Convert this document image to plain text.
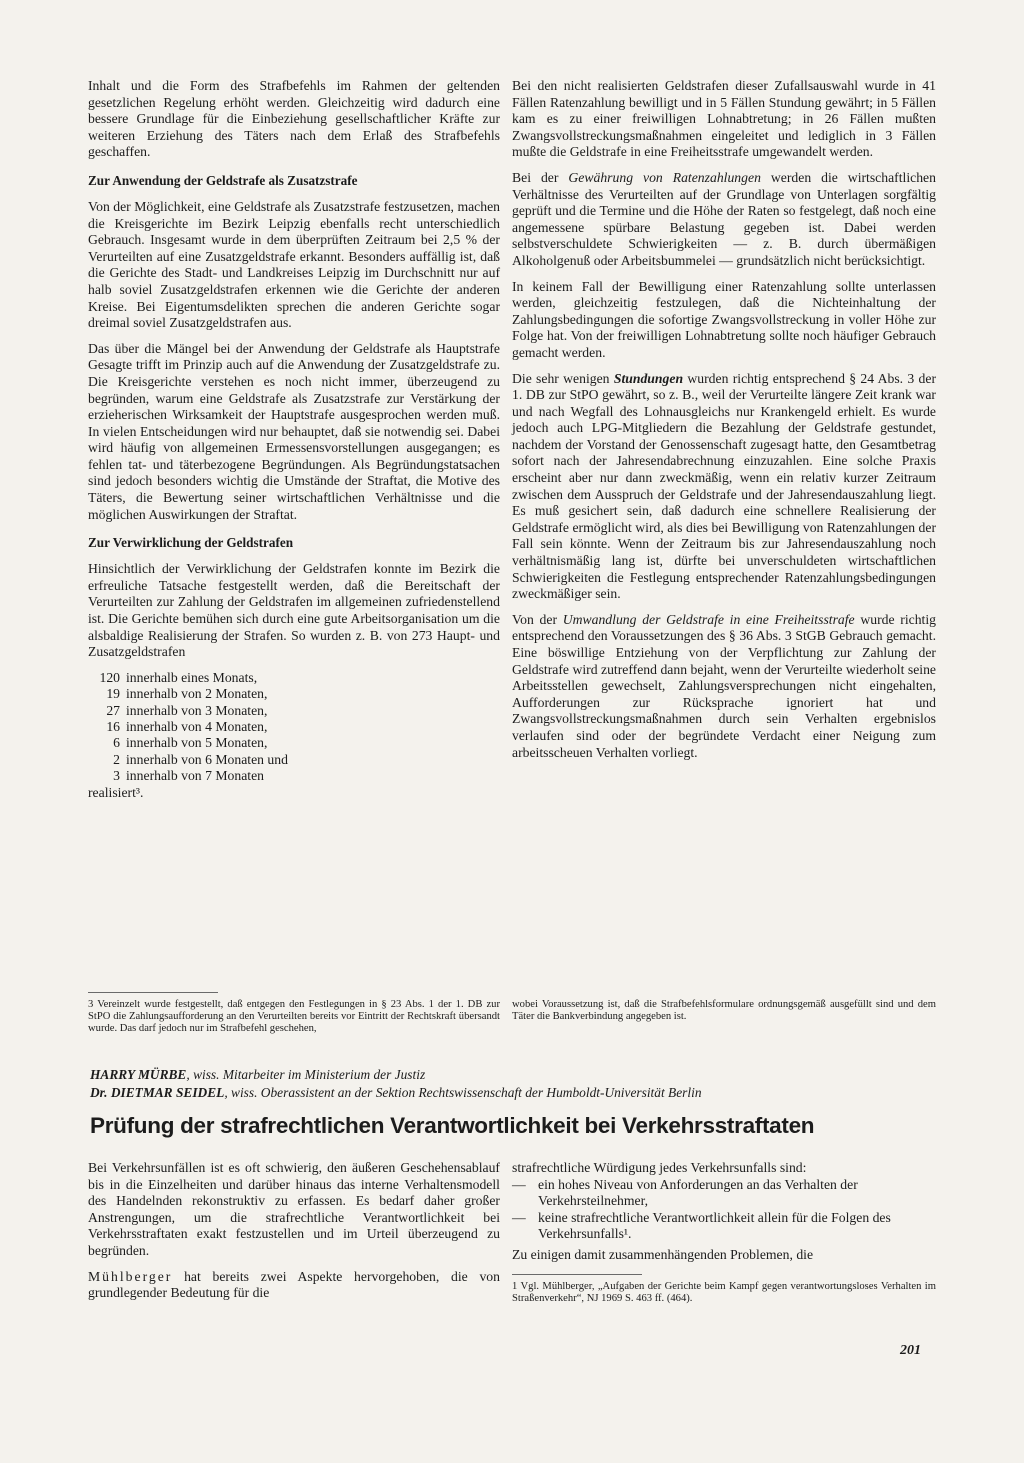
Inhalt und die Form des Strafbefehls im Rahmen der geltenden gesetzlichen Regelung erhöht werden. Gleichzeitig wird dadurch eine bessere Grundlage für die Einbeziehung gesellschaftlicher Kräfte zur weiteren Erziehung des Täters nach dem Erlaß des Strafbefehls geschaffen.

Zur Anwendung der Geldstrafe als Zusatzstrafe

Von der Möglichkeit, eine Geldstrafe als Zusatzstrafe festzusetzen, machen die Kreisgerichte im Bezirk Leipzig ebenfalls recht unterschiedlich Gebrauch. Insgesamt wurde in dem überprüften Zeitraum bei 2,5 % der Verurteilten auf eine Zusatzgeldstrafe erkannt. Besonders auffällig ist, daß die Gerichte des Stadt- und Landkreises Leipzig im Durchschnitt nur auf halb soviel Zusatzgeldstrafen erkennen wie die Gerichte der anderen Kreise. Bei Eigentumsdelikten sprechen die anderen Gerichte sogar dreimal soviel Zusatzgeldstrafen aus.

Das über die Mängel bei der Anwendung der Geldstrafe als Hauptstrafe Gesagte trifft im Prinzip auch auf die Anwendung der Zusatzgeldstrafe zu. Die Kreisgerichte verstehen es noch nicht immer, überzeugend zu begründen, warum eine Geldstrafe als Zusatzstrafe zur Verstärkung der erzieherischen Wirksamkeit der Hauptstrafe ausgesprochen werden muß. In vielen Entscheidungen wird nur behauptet, daß sie notwendig sei. Dabei wird häufig von allgemeinen Ermessensvorstellungen ausgegangen; es fehlen tat- und täterbezogene Begründungen. Als Begründungstatsachen sind jedoch besonders wichtig die Umstände der Straftat, die Motive des Täters, die Bewertung seiner wirtschaftlichen Verhältnisse und die möglichen Auswirkungen der Straftat.

Zur Verwirklichung der Geldstrafen

Hinsichtlich der Verwirklichung der Geldstrafen konnte im Bezirk die erfreuliche Tatsache festgestellt werden, daß die Bereitschaft der Verurteilten zur Zahlung der Geldstrafen im allgemeinen zufriedenstellend ist. Die Gerichte bemühen sich durch eine gute Arbeitsorganisation um die alsbaldige Realisierung der Strafen. So wurden z. B. von 273 Haupt- und Zusatzgeldstrafen

120 innerhalb eines Monats,
19 innerhalb von 2 Monaten,
27 innerhalb von 3 Monaten,
16 innerhalb von 4 Monaten,
6 innerhalb von 5 Monaten,
2 innerhalb von 6 Monaten und
3 innerhalb von 7 Monaten

realisiert³.

Bei den nicht realisierten Geldstrafen dieser Zufallsauswahl wurde in 41 Fällen Ratenzahlung bewilligt und in 5 Fällen Stundung gewährt; in 5 Fällen kam es zu einer freiwilligen Lohnabtretung; in 26 Fällen mußten Zwangsvollstreckungsmaßnahmen eingeleitet und lediglich in 3 Fällen mußte die Geldstrafe in eine Freiheitsstrafe umgewandelt werden.

Bei der Gewährung von Ratenzahlungen werden die wirtschaftlichen Verhältnisse des Verurteilten auf der Grundlage von Unterlagen sorgfältig geprüft und die Termine und die Höhe der Raten so festgelegt, daß noch eine angemessene spürbare Belastung gegeben ist. Dabei werden selbstverschuldete Schwierigkeiten — z. B. durch übermäßigen Alkoholgenuß oder Arbeitsbummelei — grundsätzlich nicht berücksichtigt.

In keinem Fall der Bewilligung einer Ratenzahlung sollte unterlassen werden, gleichzeitig festzulegen, daß die Nichteinhaltung der Zahlungsbedingungen die sofortige Zwangsvollstreckung in voller Höhe zur Folge hat. Von der freiwilligen Lohnabtretung sollte noch häufiger Gebrauch gemacht werden.

Die sehr wenigen Stundungen wurden richtig entsprechend § 24 Abs. 3 der 1. DB zur StPO gewährt, so z. B., weil der Verurteilte längere Zeit krank war und nach Wegfall des Lohnausgleichs nur Krankengeld erhielt. Es wurde jedoch auch LPG-Mitgliedern die Bezahlung der Geldstrafe gestundet, nachdem der Vorstand der Genossenschaft zugesagt hatte, den Gesamtbetrag sofort nach der Jahresendabrechnung einzuzahlen. Eine solche Praxis erscheint aber nur dann zweckmäßig, wenn ein relativ kurzer Zeitraum zwischen dem Ausspruch der Geldstrafe und der Jahresendauszahlung liegt. Es muß gesichert sein, daß dadurch eine schnellere Realisierung der Geldstrafe ermöglicht wird, als dies bei Bewilligung von Ratenzahlungen der Fall sein könnte. Wenn der Zeitraum bis zur Jahresendauszahlung noch verhältnismäßig lang ist, dürfte bei unverschuldeten wirtschaftlichen Schwierigkeiten die Festlegung entsprechender Ratenzahlungsbedingungen zweckmäßiger sein.

Von der Umwandlung der Geldstrafe in eine Freiheitsstrafe wurde richtig entsprechend den Voraussetzungen des § 36 Abs. 3 StGB Gebrauch gemacht. Eine böswillige Entziehung von der Verpflichtung zur Zahlung der Geldstrafe wird zutreffend dann bejaht, wenn der Verurteilte wiederholt seine Arbeitsstellen gewechselt, Zahlungsversprechungen nicht eingehalten, Aufforderungen zur Rücksprache ignoriert hat und Zwangsvollstreckungsmaßnahmen durch sein Verhalten ergebnislos verlaufen sind oder der begründete Verdacht einer Neigung zum arbeitsscheuen Verhalten vorliegt.

3 Vereinzelt wurde festgestellt, daß entgegen den Festlegungen in § 23 Abs. 1 der 1. DB zur StPO die Zahlungsaufforderung an den Verurteilten bereits vor Eintritt der Rechtskraft übersandt wurde. Das darf jedoch nur im Strafbefehl geschehen,

wobei Voraussetzung ist, daß die Strafbefehlsformulare ordnungsgemäß ausgefüllt sind und dem Täter die Bankverbindung angegeben ist.

HARRY MÜRBE, wiss. Mitarbeiter im Ministerium der Justiz
Dr. DIETMAR SEIDEL, wiss. Oberassistent an der Sektion Rechtswissenschaft der Humboldt-Universität Berlin
Prüfung der strafrechtlichen Verantwortlichkeit bei Verkehrsstraftaten

Bei Verkehrsunfällen ist es oft schwierig, den äußeren Geschehensablauf bis in die Einzelheiten und darüber hinaus das interne Verhaltensmodell des Handelnden rekonstruktiv zu erfassen. Es bedarf daher großer Anstrengungen, um die strafrechtliche Verantwortlichkeit bei Verkehrsstraftaten exakt festzustellen und im Urteil überzeugend zu begründen.

Mühlberger hat bereits zwei Aspekte hervorgehoben, die von grundlegender Bedeutung für die

strafrechtliche Würdigung jedes Verkehrsunfalls sind:

— ein hohes Niveau von Anforderungen an das Verhalten der Verkehrsteilnehmer,
— keine strafrechtliche Verantwortlichkeit allein für die Folgen des Verkehrsunfalls¹.

Zu einigen damit zusammenhängenden Problemen, die

1 Vgl. Mühlberger, „Aufgaben der Gerichte beim Kampf gegen verantwortungsloses Verhalten im Straßenverkehr“, NJ 1969 S. 463 ff. (464).

201
